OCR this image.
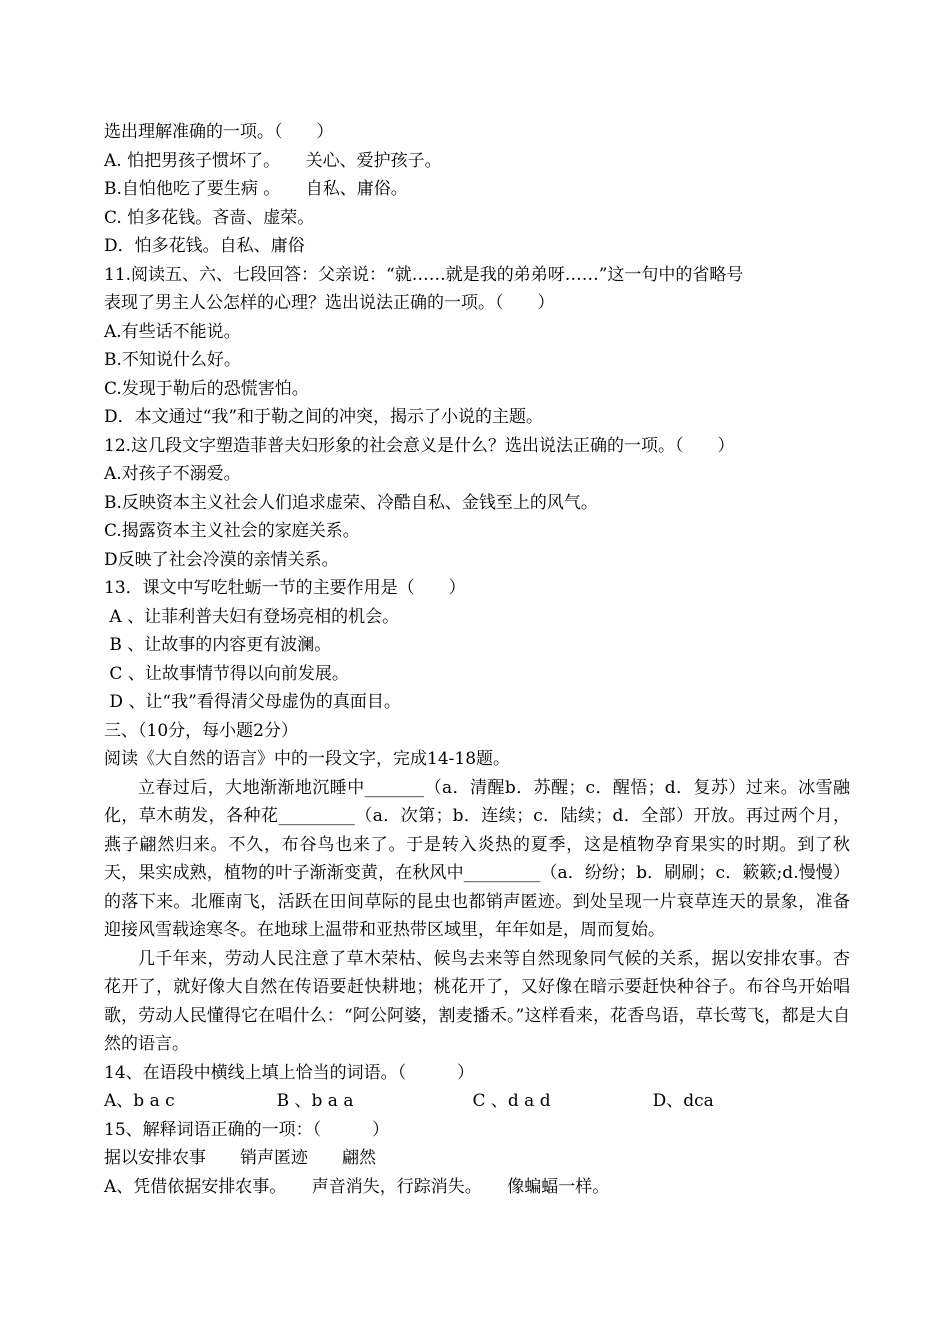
选出理解准确的一项。（　　）
A. 怕把男孩子惯坏了。　　关心、爱护孩子。
B.自怕他吃了要生病 。　　自私、庸俗。
C. 怕多花钱。吝啬、虚荣。
D．怕多花钱。自私、庸俗
11.阅读五、六、七段回答：父亲说：“就……就是我的弟弟呀……”这一句中的省略号
表现了男主人公怎样的心理？选出说法正确的一项。（　　）
A.有些话不能说。
B.不知说什么好。
C.发现于勒后的恐慌害怕。
D．本文通过“我”和于勒之间的冲突，揭示了小说的主题。
12.这几段文字塑造菲普夫妇形象的社会意义是什么？选出说法正确的一项。（　　）
A.对孩子不溺爱。
B.反映资本主义社会人们追求虚荣、冷酷自私、金钱至上的风气。
C.揭露资本主义社会的家庭关系。
D反映了社会冷漠的亲情关系。
13．课文中写吃牡蛎一节的主要作用是（　　）
A 、让菲利普夫妇有登场亮相的机会。
B 、让故事的内容更有波澜。
C 、让故事情节得以向前发展。
D 、让“我”看得清父母虚伪的真面目。
三、（10分，每小题2分）
阅读《大自然的语言》中的一段文字，完成14-18题。
立春过后，大地渐渐地沉睡中_______（a．清醒b．苏醒；c．醒悟；d．复苏）过来。冰雪融化，草木萌发，各种花_________（a．次第；b．连续；c．陆续；d．全部）开放。再过两个月，燕子翩然归来。不久，布谷鸟也来了。于是转入炎热的夏季，这是植物孕育果实的时期。到了秋天，果实成熟，植物的叶子渐渐变黄，在秋风中_________（a．纷纷；b．刷刷；c．簌簌;d.慢慢）的落下来。北雁南飞，活跃在田间草际的昆虫也都销声匿迹。到处呈现一片衰草连天的景象，准备迎接风雪载途寒冬。在地球上温带和亚热带区域里，年年如是，周而复始。
几千年来，劳动人民注意了草木荣枯、候鸟去来等自然现象同气候的关系，据以安排农事。杏花开了，就好像大自然在传语要赶快耕地；桃花开了，又好像在暗示要赶快种谷子。布谷鸟开始唱歌，劳动人民懂得它在唱什么：“阿公阿婆，割麦播禾。”这样看来，花香鸟语，草长莺飞，都是大自然的语言。
14、在语段中横线上填上恰当的词语。（　　　）
A、b a c　　　　　　B 、b a a　　　　　　　C 、d a d　　　　　　D、dca
15、解释词语正确的一项：（　　　）
据以安排农事　　销声匿迹　　翩然
A、凭借依据安排农事。　　声音消失，行踪消失。　　像蝙蝠一样。
